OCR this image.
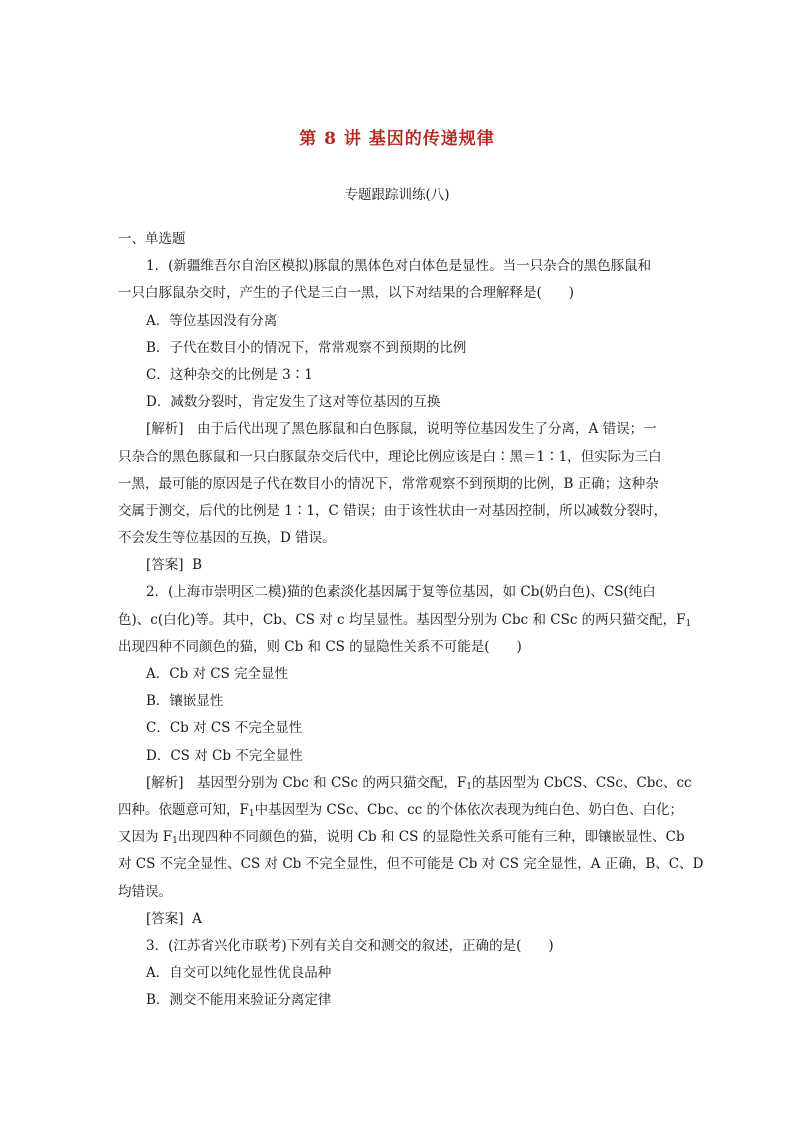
第 8 讲 基因的传递规律
专题跟踪训练(八)
一、单选题
1．(新疆维吾尔自治区模拟)豚鼠的黑体色对白体色是显性。当一只杂合的黑色豚鼠和
一只白豚鼠杂交时，产生的子代是三白一黑，以下对结果的合理解释是(　　)
A．等位基因没有分离
B．子代在数目小的情况下，常常观察不到预期的比例
C．这种杂交的比例是 3∶1
D．减数分裂时，肯定发生了这对等位基因的互换
[解析]　由于后代出现了黑色豚鼠和白色豚鼠，说明等位基因发生了分离，A 错误；一
只杂合的黑色豚鼠和一只白豚鼠杂交后代中，理论比例应该是白∶黑＝1∶1，但实际为三白
一黑，最可能的原因是子代在数目小的情况下，常常观察不到预期的比例，B 正确；这种杂
交属于测交，后代的比例是 1∶1，C 错误；由于该性状由一对基因控制，所以减数分裂时，
不会发生等位基因的互换，D 错误。
[答案] B
2．(上海市崇明区二模)猫的色素淡化基因属于复等位基因，如 Cb(奶白色)、CS(纯白
色)、c(白化)等。其中，Cb、CS 对 c 均呈显性。基因型分别为 Cbc 和 CSc 的两只猫交配，$F_1$
出现四种不同颜色的猫，则 Cb 和 CS 的显隐性关系不可能是(　　)
A．Cb 对 CS 完全显性
B．镶嵌显性
C．Cb 对 CS 不完全显性
D．CS 对 Cb 不完全显性
[解析]　基因型分别为 Cbc 和 CSc 的两只猫交配，$F_1$的基因型为 CbCS、CSc、Cbc、cc
四种。依题意可知，$F_1$中基因型为 CSc、Cbc、cc 的个体依次表现为纯白色、奶白色、白化；
又因为 $F_1$出现四种不同颜色的猫，说明 Cb 和 CS 的显隐性关系可能有三种，即镶嵌显性、Cb
对 CS 不完全显性、CS 对 Cb 不完全显性，但不可能是 Cb 对 CS 完全显性，A 正确，B、C、D
均错误。
[答案] A
3．(江苏省兴化市联考)下列有关自交和测交的叙述，正确的是(　　)
A．自交可以纯化显性优良品种
B．测交不能用来验证分离定律
